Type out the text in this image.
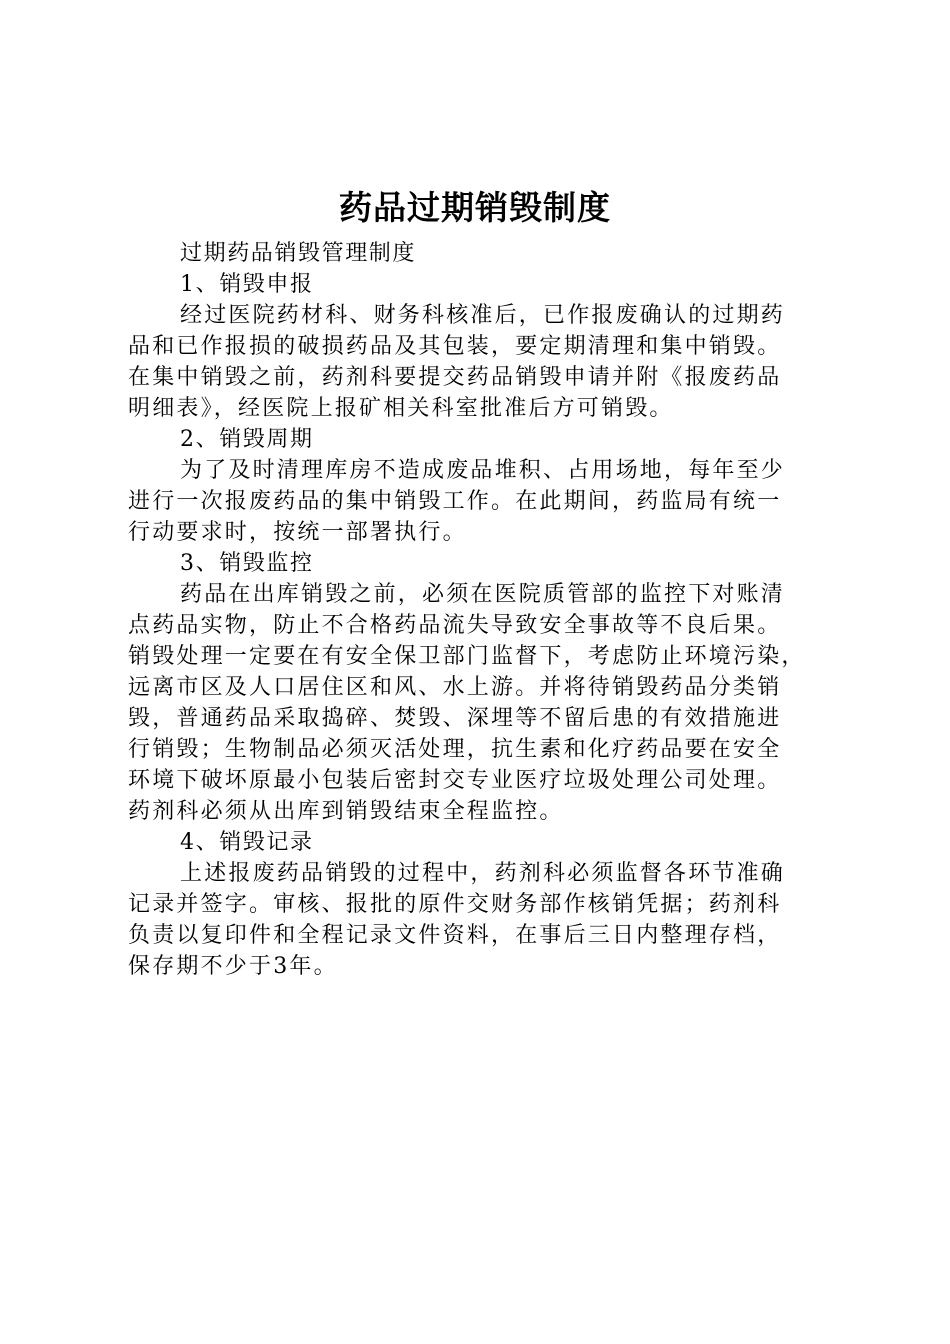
药品过期销毁制度
过期药品销毁管理制度
1、销毁申报
经过医院药材科、财务科核准后，已作报废确认的过期药
品和已作报损的破损药品及其包装，要定期清理和集中销毁。
在集中销毁之前，药剂科要提交药品销毁申请并附《报废药品
明细表》，经医院上报矿相关科室批准后方可销毁。
2、销毁周期
为了及时清理库房不造成废品堆积、占用场地，每年至少
进行一次报废药品的集中销毁工作。在此期间，药监局有统一
行动要求时，按统一部署执行。
3、销毁监控
药品在出库销毁之前，必须在医院质管部的监控下对账清
点药品实物，防止不合格药品流失导致安全事故等不良后果。
销毁处理一定要在有安全保卫部门监督下，考虑防止环境污染，
远离市区及人口居住区和风、水上游。并将待销毁药品分类销
毁，普通药品采取捣碎、焚毁、深埋等不留后患的有效措施进
行销毁；生物制品必须灭活处理，抗生素和化疗药品要在安全
环境下破坏原最小包装后密封交专业医疗垃圾处理公司处理。
药剂科必须从出库到销毁结束全程监控。
4、销毁记录
上述报废药品销毁的过程中，药剂科必须监督各环节准确
记录并签字。审核、报批的原件交财务部作核销凭据；药剂科
负责以复印件和全程记录文件资料，在事后三日内整理存档，
保存期不少于3年。
